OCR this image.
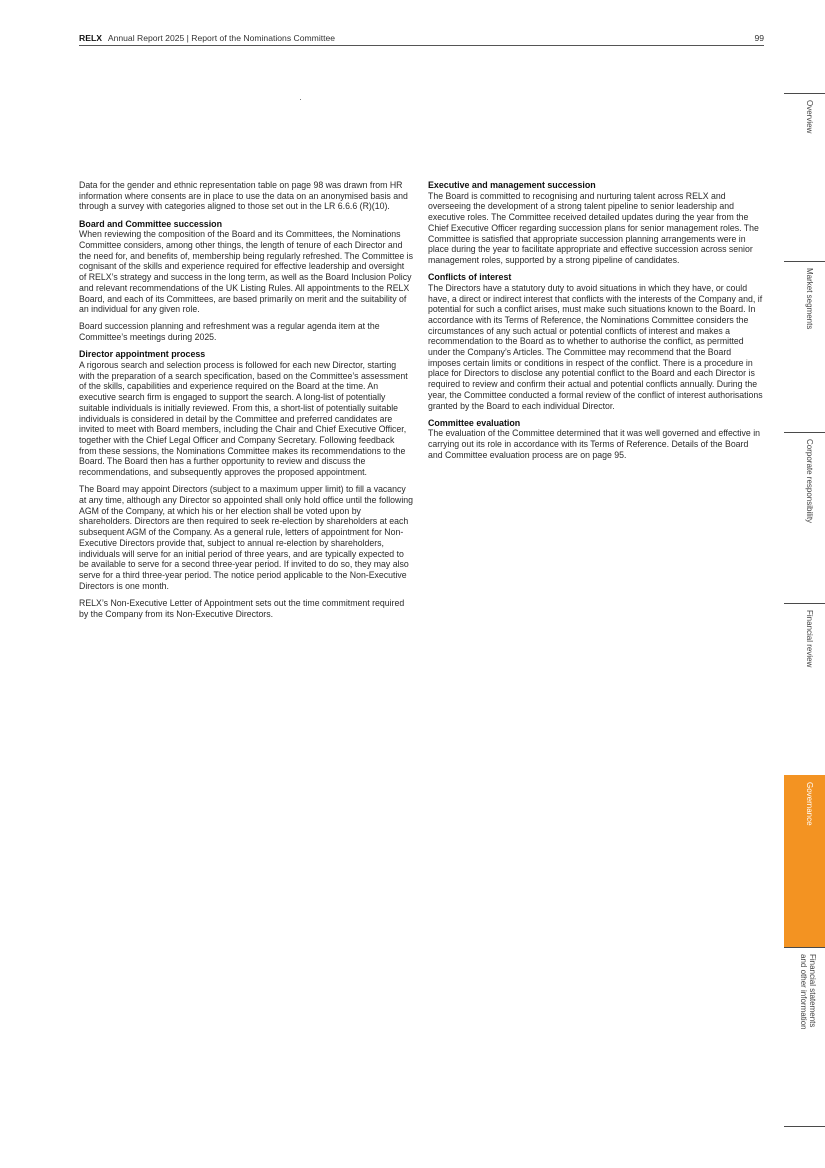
RELX Annual Report 2025 | Report of the Nominations Committee	99

Data for the gender and ethnic representation table on page 98 was drawn from HR information where consents are in place to use the data on an anonymised basis and through a survey with categories aligned to those set out in the LR 6.6.6 (R)(10).

Board and Committee succession

When reviewing the composition of the Board and its Committees, the Nominations Committee considers, among other things, the length of tenure of each Director and the need for, and benefits of, membership being regularly refreshed. The Committee is cognisant of the skills and experience required for effective leadership and oversight of RELX’s strategy and success in the long term, as well as the Board Inclusion Policy and relevant recommendations of the UK Listing Rules. All appointments to the RELX Board, and each of its Committees, are based primarily on merit and the suitability of an individual for any given role.

Board succession planning and refreshment was a regular agenda item at the Committee’s meetings during 2025.

Director appointment process

A rigorous search and selection process is followed for each new Director, starting with the preparation of a search specification, based on the Committee’s assessment of the skills, capabilities and experience required on the Board at the time. An executive search firm is engaged to support the search. A long-list of potentially suitable individuals is initially reviewed. From this, a short-list of potentially suitable individuals is considered in detail by the Committee and preferred candidates are invited to meet with Board members, including the Chair and Chief Executive Officer, together with the Chief Legal Officer and Company Secretary. Following feedback from these sessions, the Nominations Committee makes its recommendations to the Board. The Board then has a further opportunity to review and discuss the recommendations, and subsequently approves the proposed appointment.

The Board may appoint Directors (subject to a maximum upper limit) to fill a vacancy at any time, although any Director so appointed shall only hold office until the following AGM of the Company, at which his or her election shall be voted upon by shareholders. Directors are then required to seek re-election by shareholders at each subsequent AGM of the Company. As a general rule, letters of appointment for Non-Executive Directors provide that, subject to annual re-election by shareholders, individuals will serve for an initial period of three years, and are typically expected to be available to serve for a second three-year period. If invited to do so, they may also serve for a third three-year period. The notice period applicable to the Non-Executive Directors is one month.

RELX’s Non-Executive Letter of Appointment sets out the time commitment required by the Company from its Non-Executive Directors.

Executive and management succession

The Board is committed to recognising and nurturing talent across RELX and overseeing the development of a strong talent pipeline to senior leadership and executive roles. The Committee received detailed updates during the year from the Chief Executive Officer regarding succession plans for senior management roles. The Committee is satisfied that appropriate succession planning arrangements were in place during the year to facilitate appropriate and effective succession across senior management roles, supported by a strong pipeline of candidates.

Conflicts of interest

The Directors have a statutory duty to avoid situations in which they have, or could have, a direct or indirect interest that conflicts with the interests of the Company and, if potential for such a conflict arises, must make such situations known to the Board. In accordance with its Terms of Reference, the Nominations Committee considers the circumstances of any such actual or potential conflicts of interest and makes a recommendation to the Board as to whether to authorise the conflict, as permitted under the Company’s Articles. The Committee may recommend that the Board imposes certain limits or conditions in respect of the conflict. There is a procedure in place for Directors to disclose any potential conflict to the Board and each Director is required to review and confirm their actual and potential conflicts annually. During the year, the Committee conducted a formal review of the conflict of interest authorisations granted by the Board to each individual Director.

Committee evaluation

The evaluation of the Committee determined that it was well governed and effective in carrying out its role in accordance with its Terms of Reference. Details of the Board and Committee evaluation process are on page 95.

Overview
Market segments
Corporate responsibility
Financial review
Governance
Financial statements
and other information
